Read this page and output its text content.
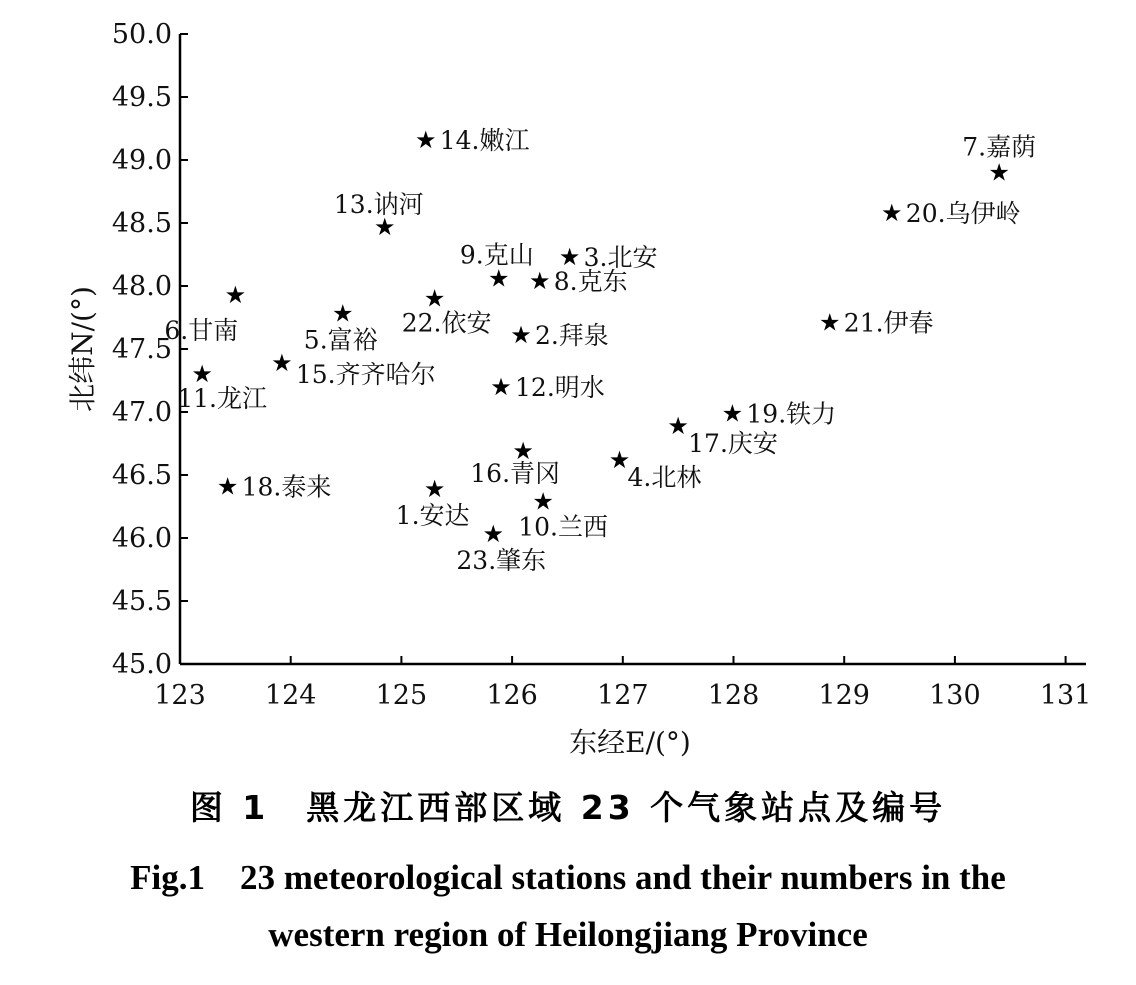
东经E/(°)
北纬N/(°)
45.0
45.5
46.0
46.5
47.0
47.5
48.0
48.5
49.0
49.5
50.0
123 124 125 126 127 128 129 130 131
★
1.安达
★ 2.拜泉
★ 3.北安
★
4.北林
★
5.富裕
★
6.甘南
★
7.嘉荫
★ 8.克东
★
9.克山
★
10.兰西
★
11.龙江	★ 12.明水
★
13.讷河
★ 14.嫩江
★ 15.齐齐哈尔
★
16.青冈
★
17.庆安
★ 18.泰来
★ 19.铁力
★ 20.乌伊岭
★ 21.伊春
★
22.依安
★
23.肇东
图 1　黑龙江西部区域 23 个气象站点及编号
Fig.1　23 meteorological stations and their numbers in the
western region of Heilongjiang Province
